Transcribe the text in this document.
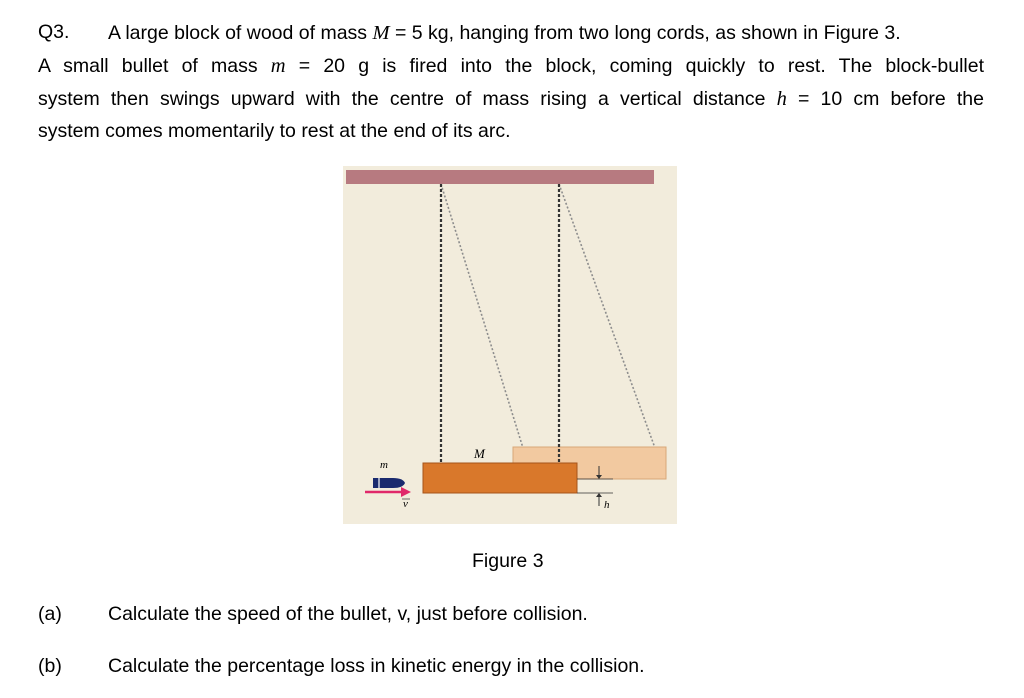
Q3. A large block of wood of mass M = 5 kg, hanging from two long cords, as shown in Figure 3.
A small bullet of mass m = 20 g is fired into the block, coming quickly to rest. The block-bullet
system then swings upward with the centre of mass rising a vertical distance h = 10 cm before the
system comes momentarily to rest at the end of its arc.
M
h
m
v
Figure 3
(a) Calculate the speed of the bullet, v, just before collision.
(b) Calculate the percentage loss in kinetic energy in the collision.
